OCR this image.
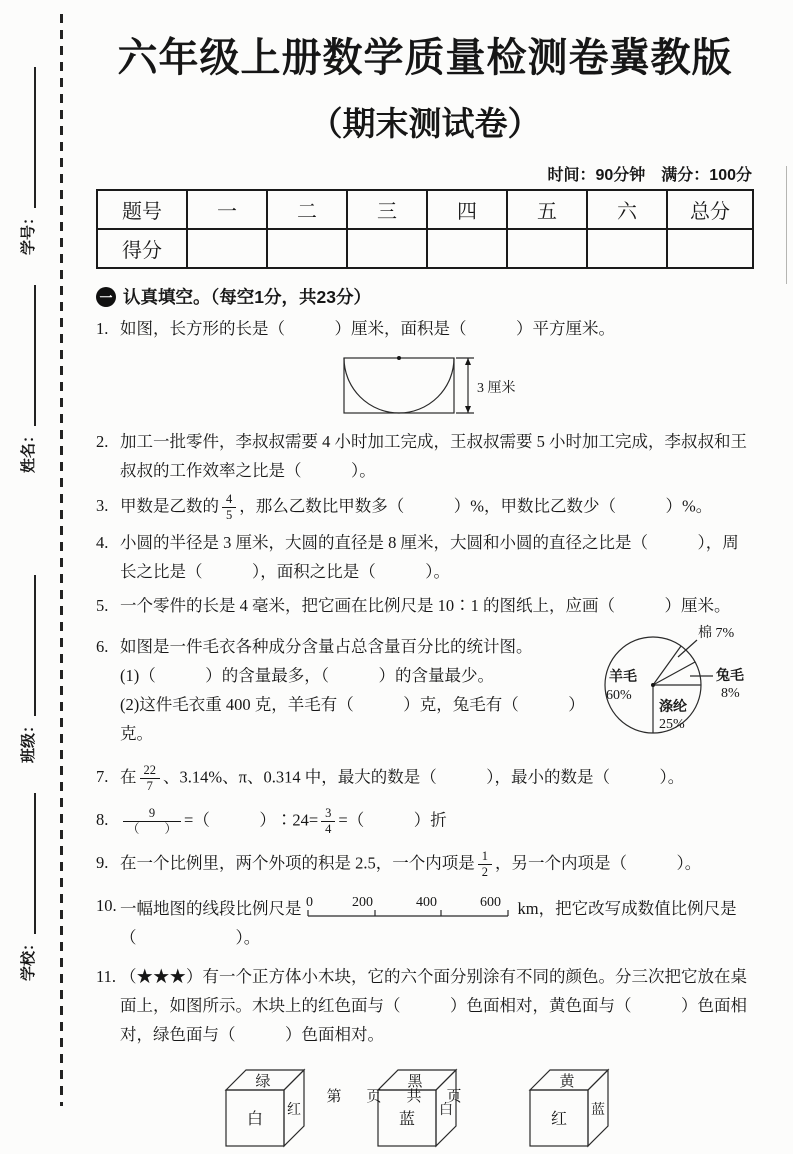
学号：
姓名：
班级：
学校：
六年级上册数学质量检测卷冀教版
（期末测试卷）
时间：90分钟　满分：100分
题号	一	二	三	四	五	六	总分
得分							
一 认真填空。（每空1分，共23分）
1. 如图，长方形的长是（　　　）厘米，面积是（　　　）平方厘米。
3 厘米
2. 加工一批零件，李叔叔需要 4 小时加工完成，王叔叔需要 5 小时加工完成，李叔叔和王叔叔的工作效率之比是（　　　）。
3. 甲数是乙数的 $\frac{4}{5}$ ，那么乙数比甲数多（　　　）%，甲数比乙数少（　　　）%。
4. 小圆的半径是 3 厘米，大圆的直径是 8 厘米，大圆和小圆的直径之比是（　　　），周长之比是（　　　），面积之比是（　　　）。
5. 一个零件的长是 4 毫米，把它画在比例尺是 10∶1 的图纸上，应画（　　　）厘米。
6. 如图是一件毛衣各种成分含量占总含量百分比的统计图。
(1)（　　　）的含量最多，（　　　）的含量最少。
(2)这件毛衣重 400 克，羊毛有（　　　）克，兔毛有（　　　）克。
羊毛
60%
涤纶
25%
棉 7%
兔毛
8%
7. 在 $\frac{22}{7}$ 、3.14%、π、0.314 中，最大的数是（　　　），最小的数是（　　　）。
8. $\frac{9}{( )}$ =（　　　）∶24= $\frac{3}{4}$ =（　　　）折
9. 在一个比例里，两个外项的积是 2.5，一个内项是 $\frac{1}{2}$ ，另一个内项是（　　　）。
10. 一幅地图的线段比例尺是 0	200	400	600 km，把它改写成数值比例尺是（　　　　　　）。
11. （★★★）有一个正方体小木块，它的六个面分别涂有不同的颜色。分三次把它放在桌面上，如图所示。木块上的红色面与（　　　）色面相对，黄色面与（　　　）色面相对，绿色面与（　　　）色面相对。
绿
白
红
黑
蓝
白
黄
红
蓝
第　页　共　页
